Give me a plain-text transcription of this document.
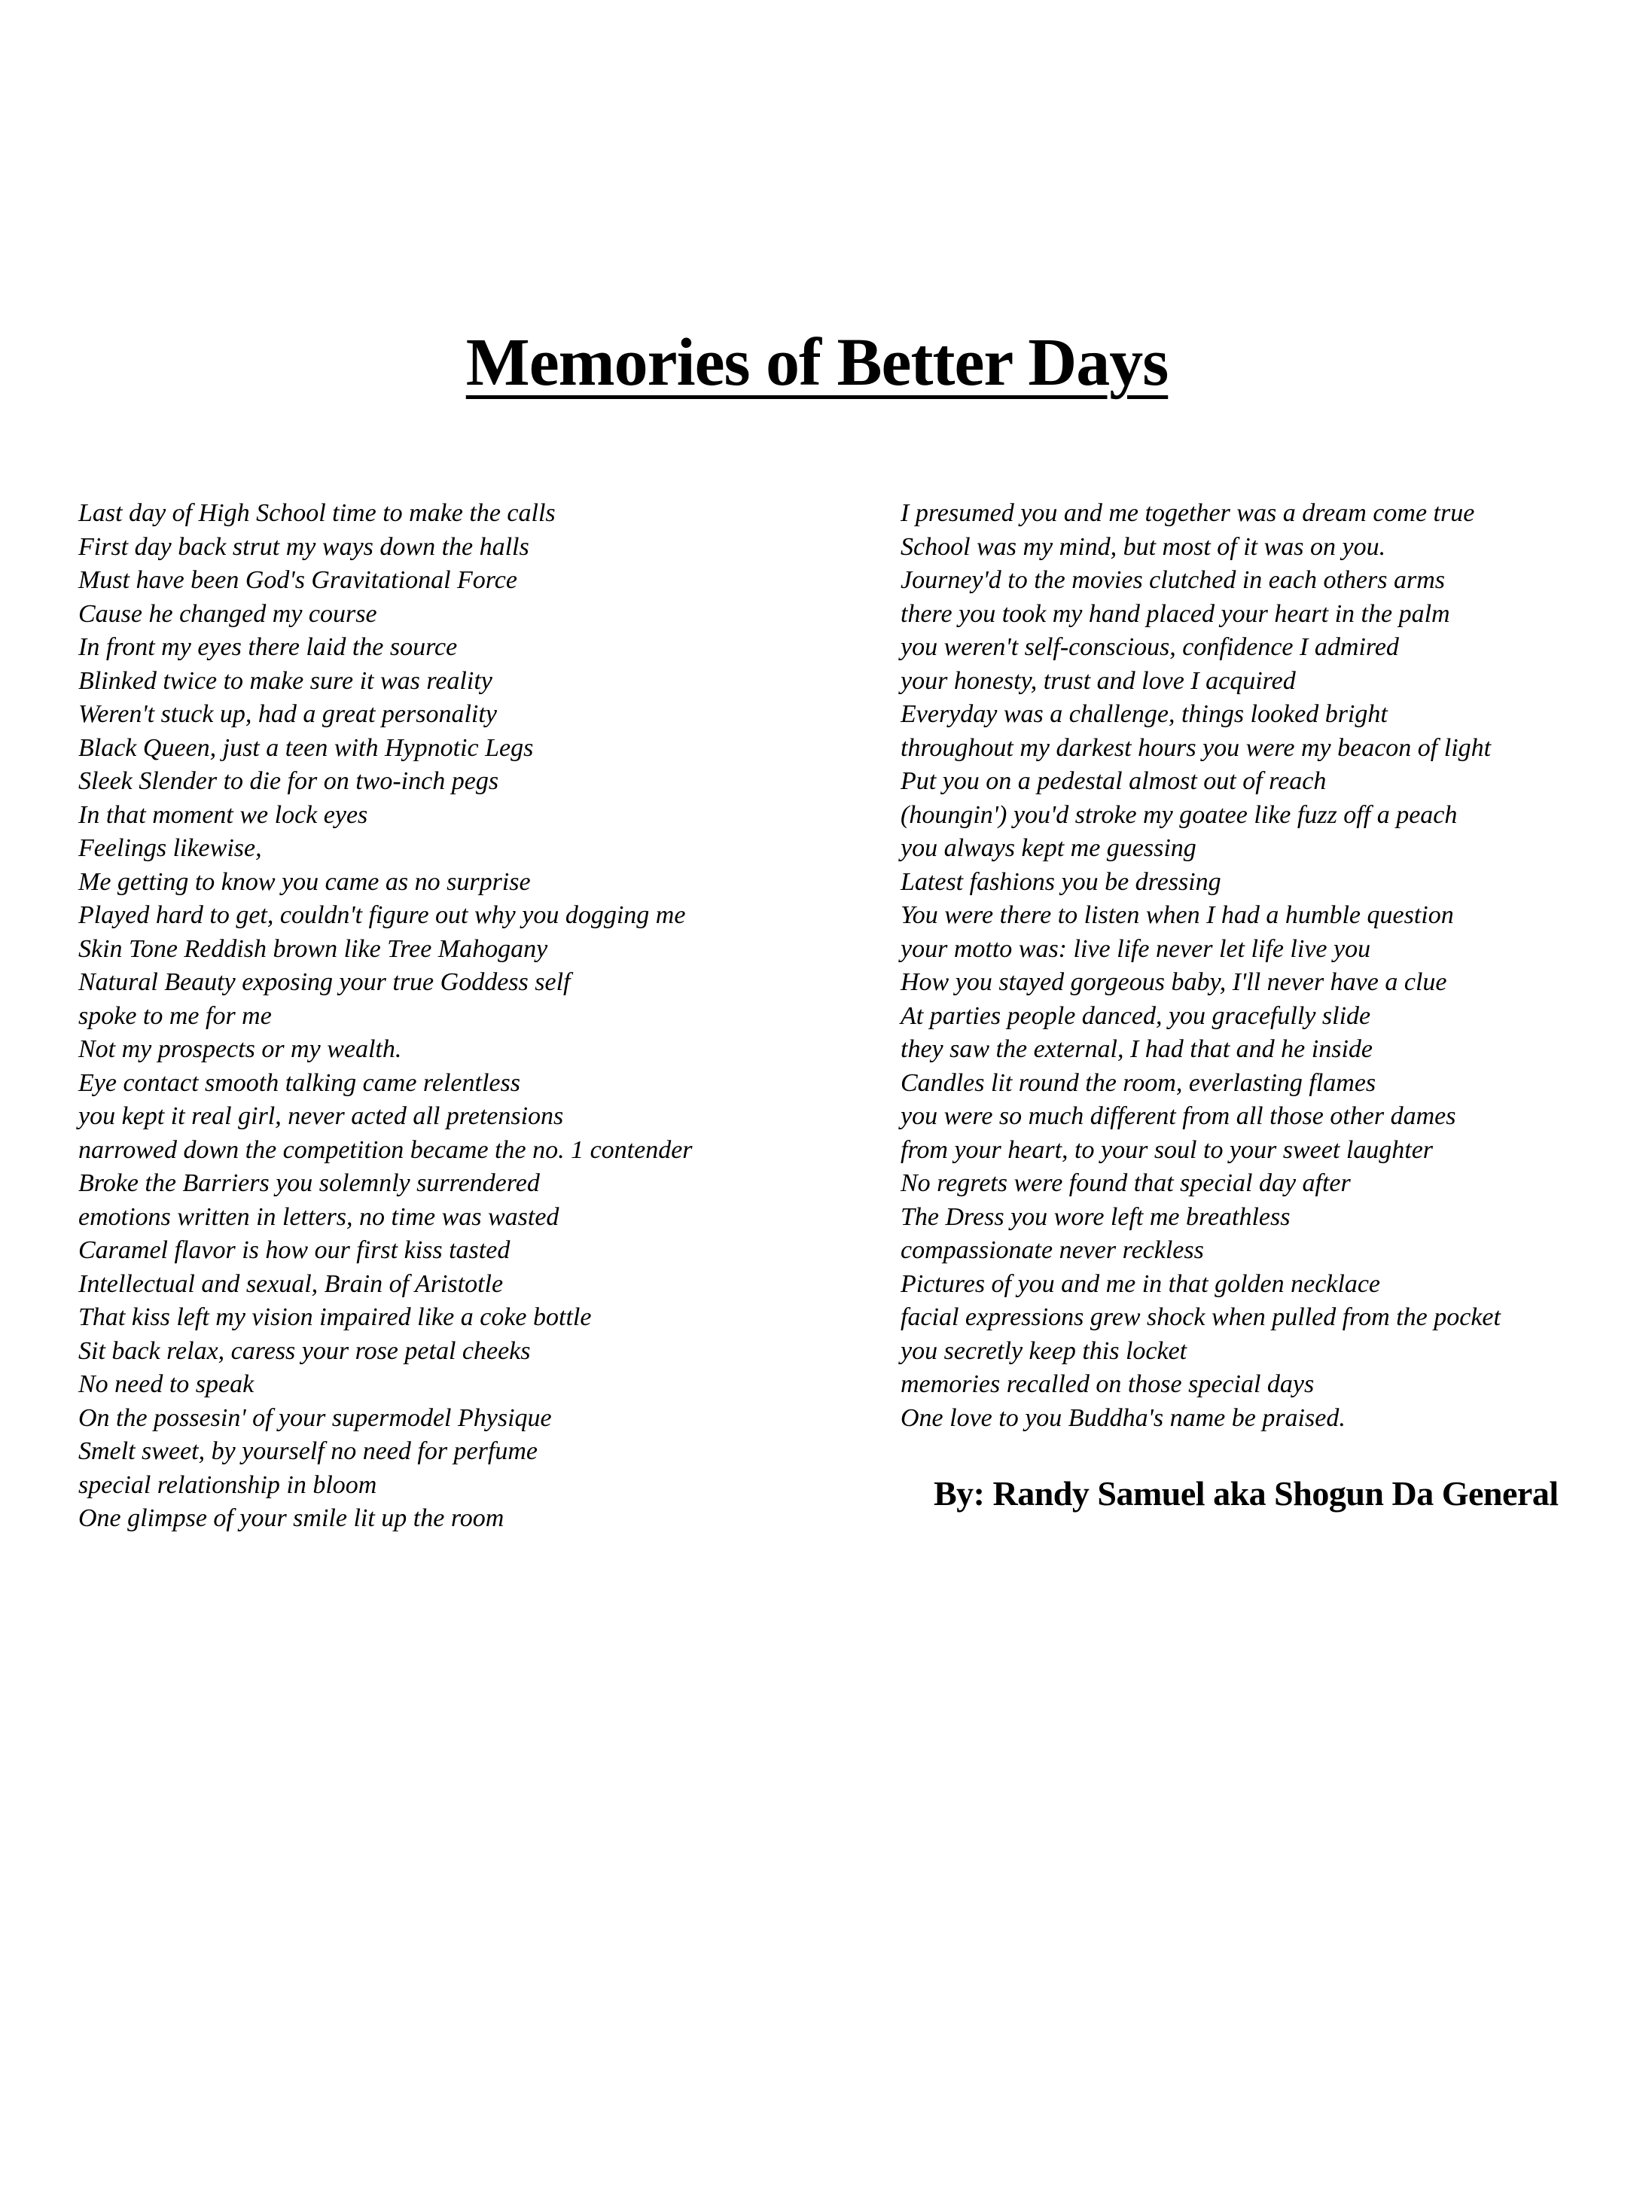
Memories of Better Days
Last day of High School time to make the calls
First day back strut my ways down the halls
Must have been God's Gravitational Force
Cause he changed my course
In front my eyes there laid the source
Blinked twice to make sure it was reality
Weren't stuck up, had a great personality
Black Queen, just a teen with Hypnotic Legs
Sleek Slender to die for on two-inch pegs
In that moment we lock eyes
Feelings likewise,
Me getting to know you came as no surprise
Played hard to get, couldn't figure out why you dogging me
Skin Tone Reddish brown like Tree Mahogany
Natural Beauty exposing your true Goddess self
spoke to me for me
Not my prospects or my wealth.
Eye contact smooth talking came relentless
you kept it real girl, never acted all pretensions
narrowed down the competition became the no. 1 contender
Broke the Barriers you solemnly surrendered
emotions written in letters, no time was wasted
Caramel flavor is how our first kiss tasted
Intellectual and sexual, Brain of Aristotle
That kiss left my vision impaired like a coke bottle
Sit back relax, caress your rose petal cheeks
No need to speak
On the possesin' of your supermodel Physique
Smelt sweet, by yourself no need for perfume
special relationship in bloom
One glimpse of your smile lit up the room
I presumed you and me together was a dream come true
School was my mind, but most of it was on you.
Journey'd to the movies clutched in each others arms
there you took my hand placed your heart in the palm
you weren't self-conscious, confidence I admired
your honesty, trust and love I acquired
Everyday was a challenge, things looked bright
throughout my darkest hours you were my beacon of light
Put you on a pedestal almost out of reach
(houngin') you'd stroke my goatee like fuzz off a peach
you always kept me guessing
Latest fashions you be dressing
You were there to listen when I had a humble question
your motto was: live life never let life live you
How you stayed gorgeous baby, I'll never have a clue
At parties people danced, you gracefully slide
they saw the external, I had that and he inside
Candles lit round the room, everlasting flames
you were so much different from all those other dames
from your heart, to your soul to your sweet laughter
No regrets were found that special day after
The Dress you wore left me breathless
compassionate never reckless
Pictures of you and me in that golden necklace
facial expressions grew shock when pulled from the pocket
you secretly keep this locket
memories recalled on those special days
One love to you Buddha's name be praised.
By: Randy Samuel aka Shogun Da General
